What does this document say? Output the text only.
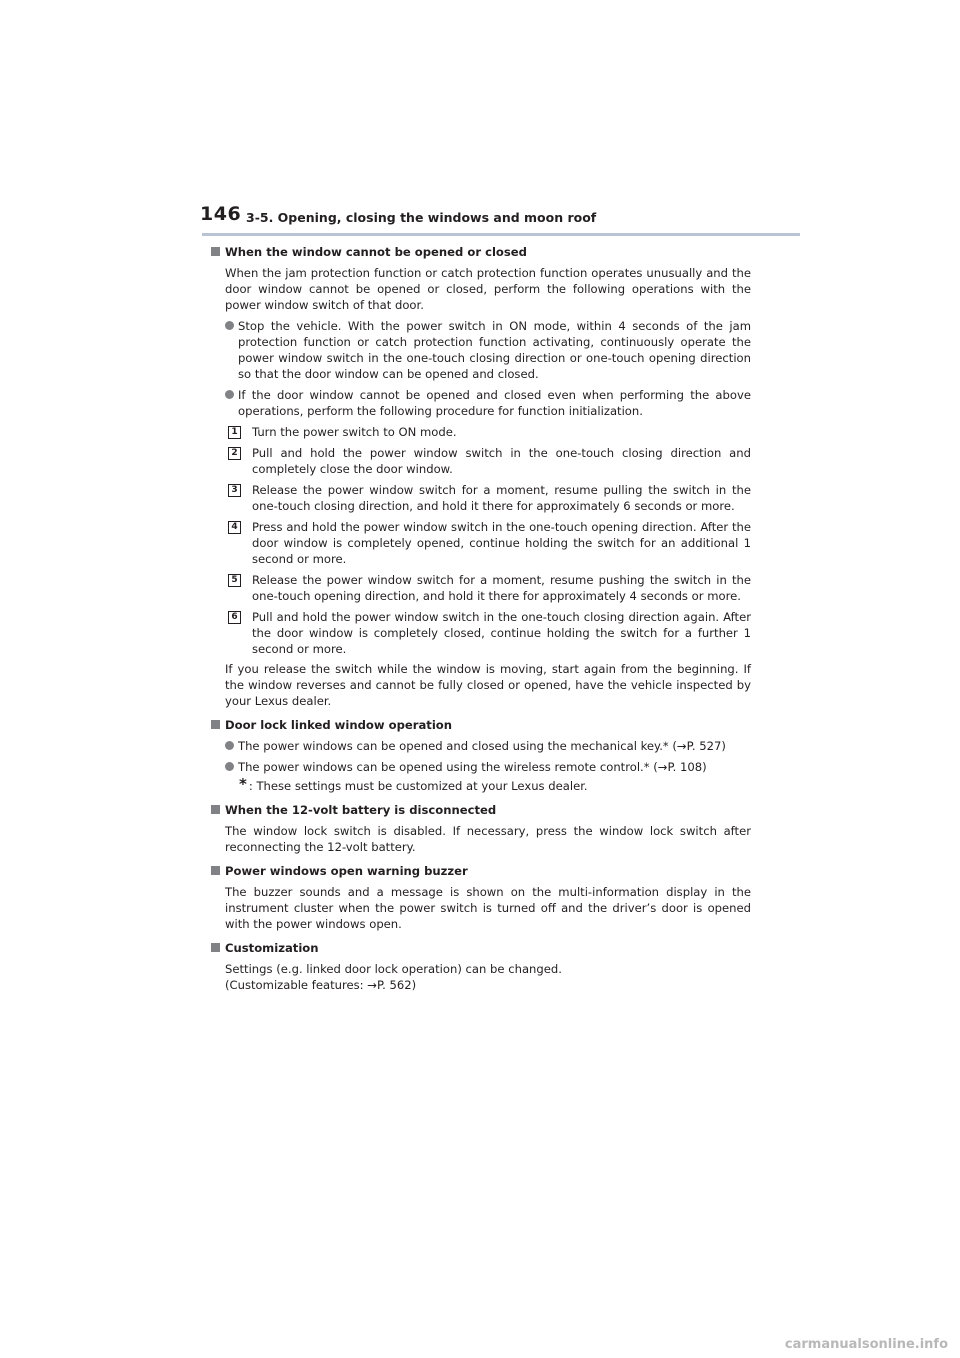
146 3-5. Opening, closing the windows and moon roof
When the window cannot be opened or closed
When the jam protection function or catch protection function operates unusually and the door window cannot be opened or closed, perform the following operations with the power window switch of that door.
Stop the vehicle. With the power switch in ON mode, within 4 seconds of the jam protection function or catch protection function activating, continuously operate the power window switch in the one-touch closing direction or one-touch opening direction so that the door window can be opened and closed.
If the door window cannot be opened and closed even when performing the above operations, perform the following procedure for function initialization.
1 Turn the power switch to ON mode.
2 Pull and hold the power window switch in the one-touch closing direction and completely close the door window.
3 Release the power window switch for a moment, resume pulling the switch in the one-touch closing direction, and hold it there for approximately 6 seconds or more.
4 Press and hold the power window switch in the one-touch opening direction. After the door window is completely opened, continue holding the switch for an additional 1 second or more.
5 Release the power window switch for a moment, resume pushing the switch in the one-touch opening direction, and hold it there for approximately 4 seconds or more.
6 Pull and hold the power window switch in the one-touch closing direction again. After the door window is completely closed, continue holding the switch for a further 1 second or more.
If you release the switch while the window is moving, start again from the beginning. If the window reverses and cannot be fully closed or opened, have the vehicle inspected by your Lexus dealer.
Door lock linked window operation
The power windows can be opened and closed using the mechanical key.* (→P. 527)
The power windows can be opened using the wireless remote control.* (→P. 108)
* : These settings must be customized at your Lexus dealer.
When the 12-volt battery is disconnected
The window lock switch is disabled. If necessary, press the window lock switch after reconnecting the 12-volt battery.
Power windows open warning buzzer
The buzzer sounds and a message is shown on the multi-information display in the instrument cluster when the power switch is turned off and the driver’s door is opened with the power windows open.
Customization
Settings (e.g. linked door lock operation) can be changed.
(Customizable features: →P. 562)
carmanualsonline.info
